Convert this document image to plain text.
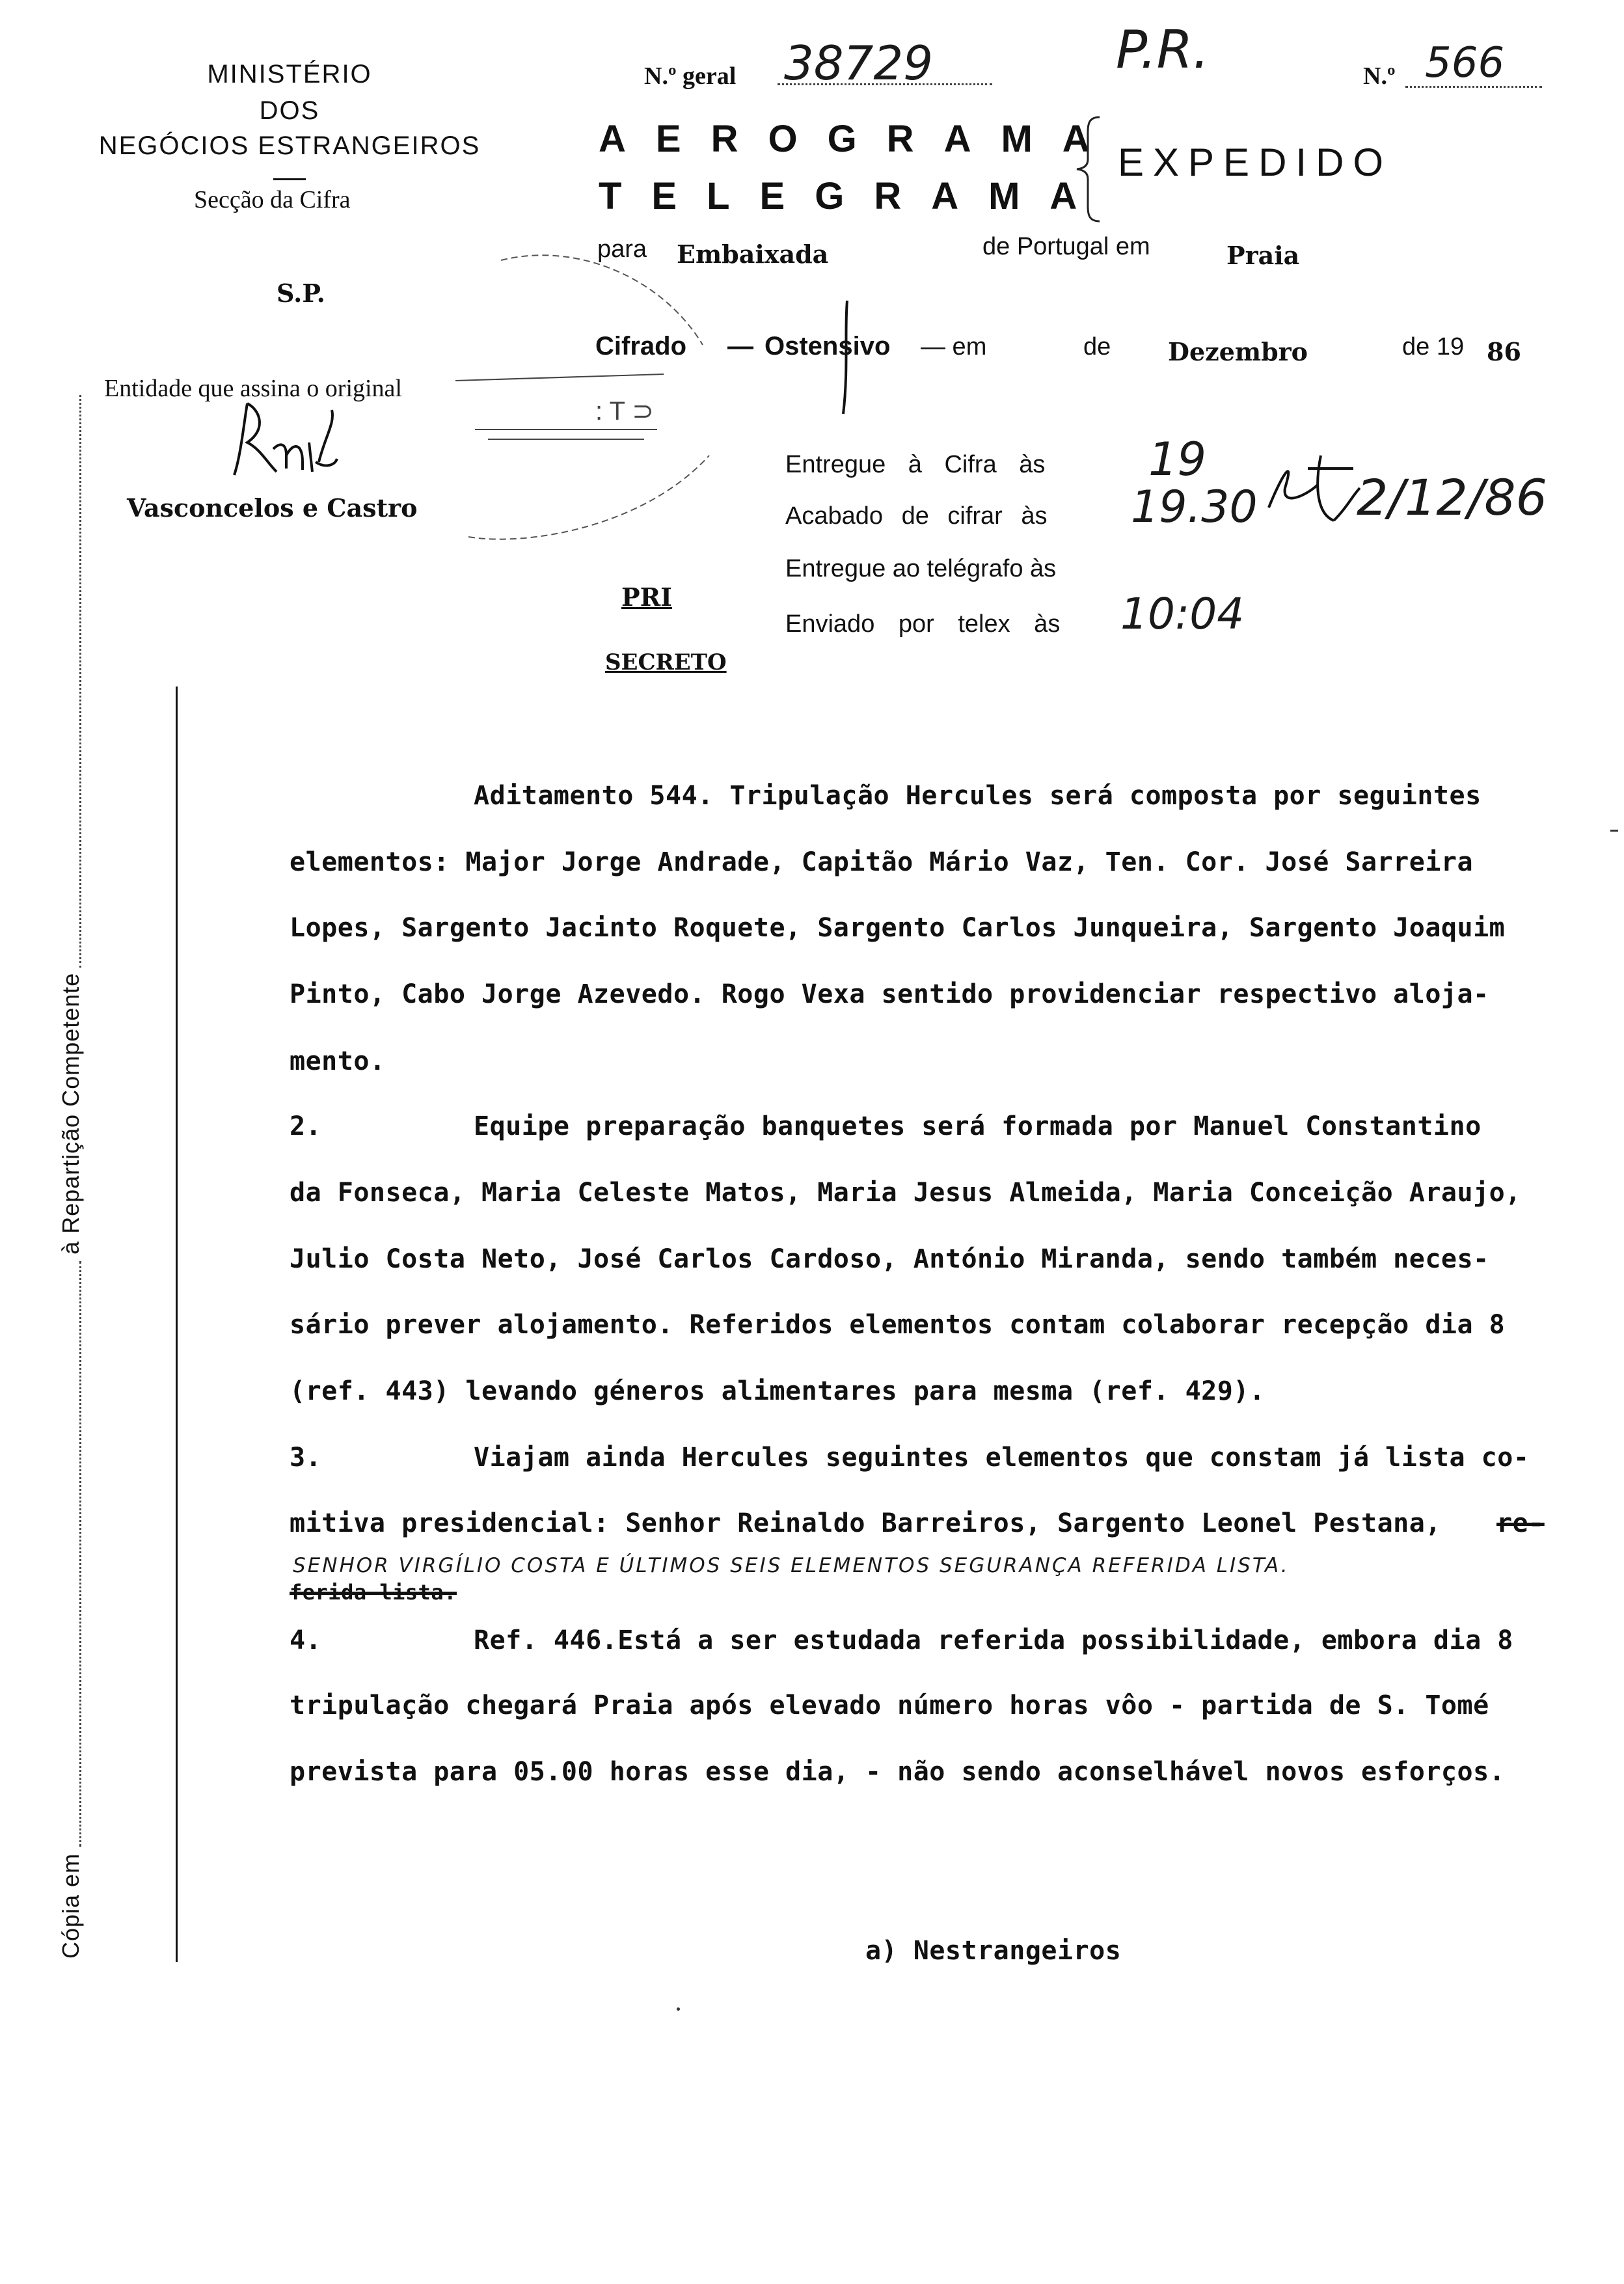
MINISTÉRIO
DOS
NEGÓCIOS ESTRANGEIROS
Secção da Cifra
S.P.
Entidade que assina o original
Vasconcelos e Castro
: T ⊃
N.º geral 38729	P.R.	N.º 566
AEROGRAMA
TELEGRAMA
EXPEDIDO
para Embaixada	de Portugal em	Praia
Cifrado — Ostensivo — em	de Dezembro	de 19 86
Entregue à Cifra às 19
Acabado de cifrar às 19.30 2/12/86
Entregue ao telégrafo às
Enviado por telex às 10:04
PRI
SECRETO
Cópia emà Repartição Competente
Aditamento 544. Tripulação Hercules será composta por seguintes
elementos: Major Jorge Andrade, Capitão Mário Vaz, Ten. Cor. José Sarreira
Lopes, Sargento Jacinto Roquete, Sargento Carlos Junqueira, Sargento Joaquim
Pinto, Cabo Jorge Azevedo. Rogo Vexa sentido providenciar respectivo aloja-
mento.
2.	Equipe preparação banquetes será formada por Manuel Constantino
da Fonseca, Maria Celeste Matos, Maria Jesus Almeida, Maria Conceição Araujo,
Julio Costa Neto, José Carlos Cardoso, António Miranda, sendo também neces-
sário prever alojamento. Referidos elementos contam colaborar recepção dia 8
(ref. 443) levando géneros alimentares para mesma (ref. 429).
3.	Viajam ainda Hercules seguintes elementos que constam já lista co-
mitiva presidencial: Senhor Reinaldo Barreiros, Sargento Leonel Pestana, re-
SENHOR VIRGÍLIO COSTA E ÚLTIMOS SEIS ELEMENTOS SEGURANÇA REFERIDA LISTA.
ferida lista.
4.	Ref. 446.Está a ser estudada referida possibilidade, embora dia 8
tripulação chegará Praia após elevado número horas vôo - partida de S. Tomé
prevista para 05.00 horas esse dia, - não sendo aconselhável novos esforços.
a) Nestrangeiros
